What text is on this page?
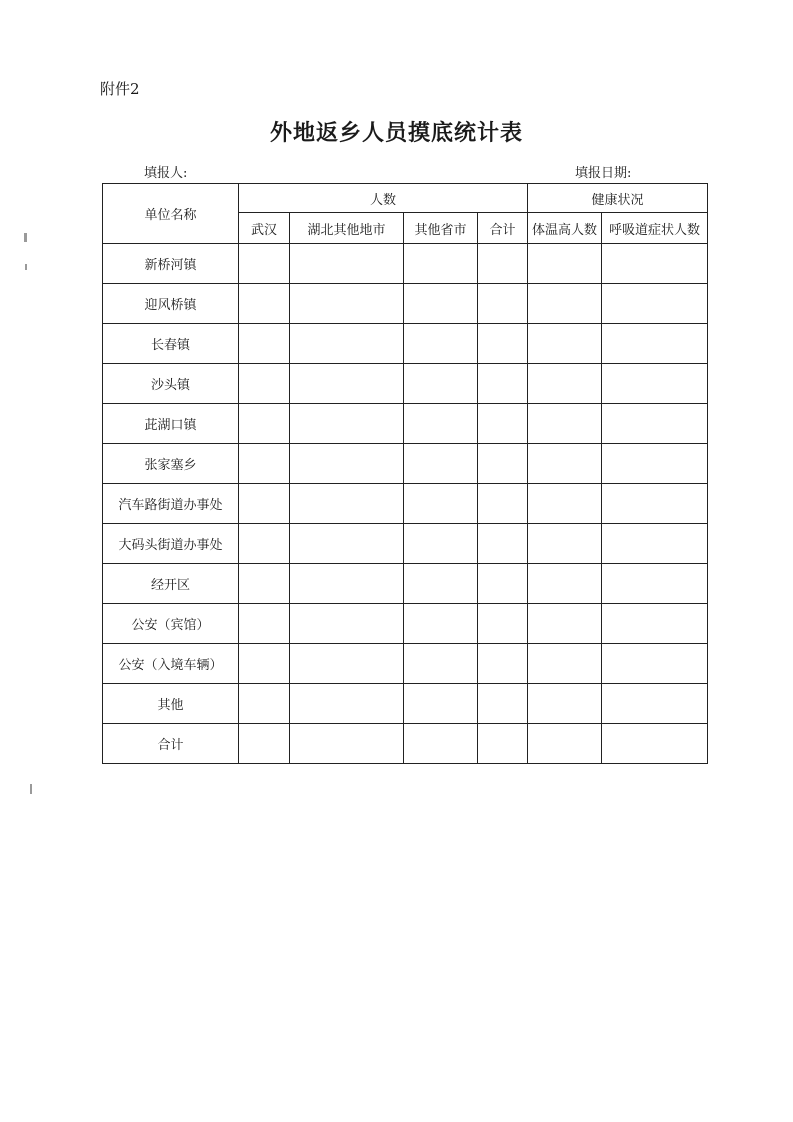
附件2
外地返乡人员摸底统计表
填报人:	填报日期:
单位名称	人数				健康状况	
	武汉	湖北其他地市	其他省市	合计	体温高人数	呼吸道症状人数
新桥河镇						
迎风桥镇						
长春镇						
沙头镇						
茈湖口镇						
张家塞乡						
汽车路街道办事处						
大码头街道办事处						
经开区						
公安（宾馆）						
公安（入境车辆）						
其他						
合计						
